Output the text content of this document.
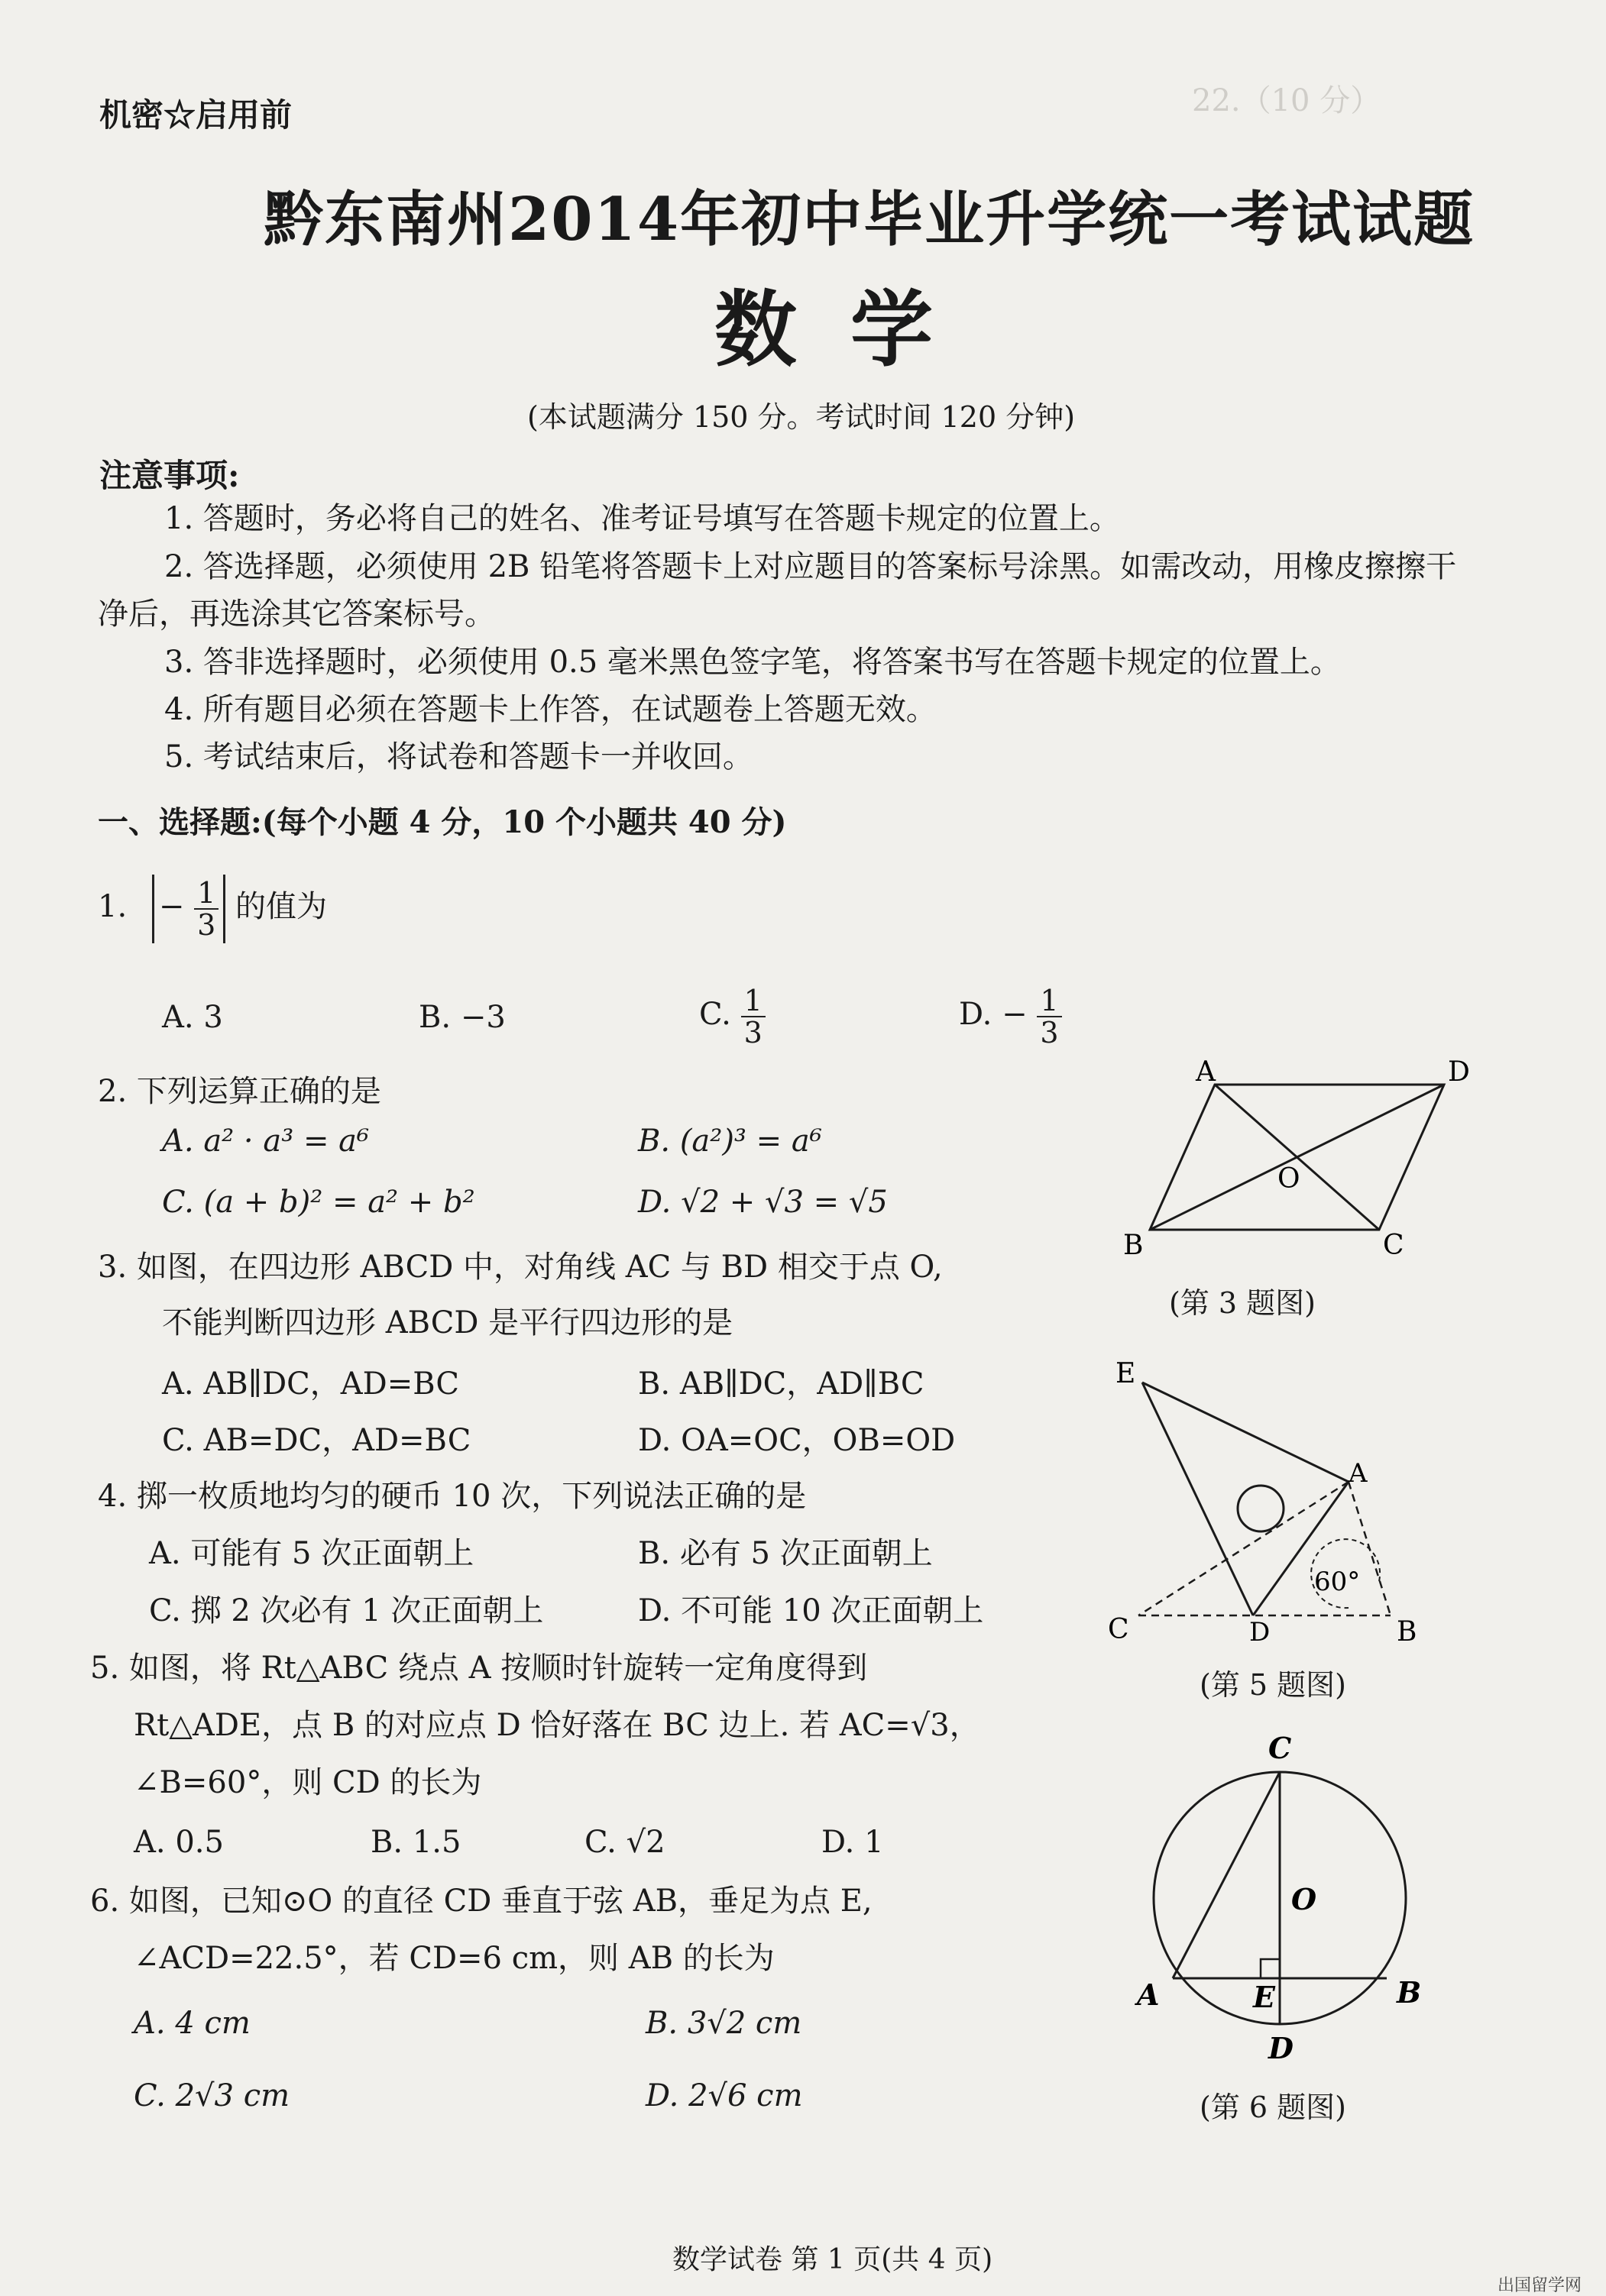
22.（10 分）
机密☆启用前
黔东南州2014年初中毕业升学统一考试试题
数学
(本试题满分 150 分。考试时间 120 分钟)
注意事项:
1. 答题时，务必将自己的姓名、准考证号填写在答题卡规定的位置上。
2. 答选择题，必须使用 2B 铅笔将答题卡上对应题目的答案标号涂黑。如需改动，用橡皮擦擦干
净后，再选涂其它答案标号。
3. 答非选择题时，必须使用 0.5 毫米黑色签字笔，将答案书写在答题卡规定的位置上。
4. 所有题目必须在答题卡上作答，在试题卷上答题无效。
5. 考试结束后，将试卷和答题卡一并收回。
一、选择题:(每个小题 4 分，10 个小题共 40 分)
1. − $\frac{1}{3}$ 的值为
A. 3	B. −3	C. $\frac{1}{3}$	D. − $\frac{1}{3}$
2. 下列运算正确的是
A. a² · a³ = a⁶	B. (a²)³ = a⁶
C. (a + b)² = a² + b²	D. √2 + √3 = √5
3. 如图，在四边形 ABCD 中，对角线 AC 与 BD 相交于点 O,
不能判断四边形 ABCD 是平行四边形的是
A. AB∥DC，AD=BC	B. AB∥DC，AD∥BC
C. AB=DC，AD=BC	D. OA=OC，OB=OD
A	D
B	C
O
(第 3 题图)
4. 掷一枚质地均匀的硬币 10 次，下列说法正确的是
A. 可能有 5 次正面朝上	B. 必有 5 次正面朝上
C. 掷 2 次必有 1 次正面朝上	D. 不可能 10 次正面朝上
5. 如图，将 Rt△ABC 绕点 A 按顺时针旋转一定角度得到
Rt△ADE，点 B 的对应点 D 恰好落在 BC 边上. 若 AC=√3，
∠B=60°，则 CD 的长为
A. 0.5	B. 1.5	C. √2	D. 1
E
A
C	D	B
60°
(第 5 题图)
6. 如图，已知⊙O 的直径 CD 垂直于弦 AB，垂足为点 E,
∠ACD=22.5°，若 CD=6 cm，则 AB 的长为
A. 4 cm	B. 3√2 cm
C. 2√3 cm	D. 2√6 cm
C
O
A	E	B
D
(第 6 题图)
数学试卷 第 1 页(共 4 页)
出国留学网
